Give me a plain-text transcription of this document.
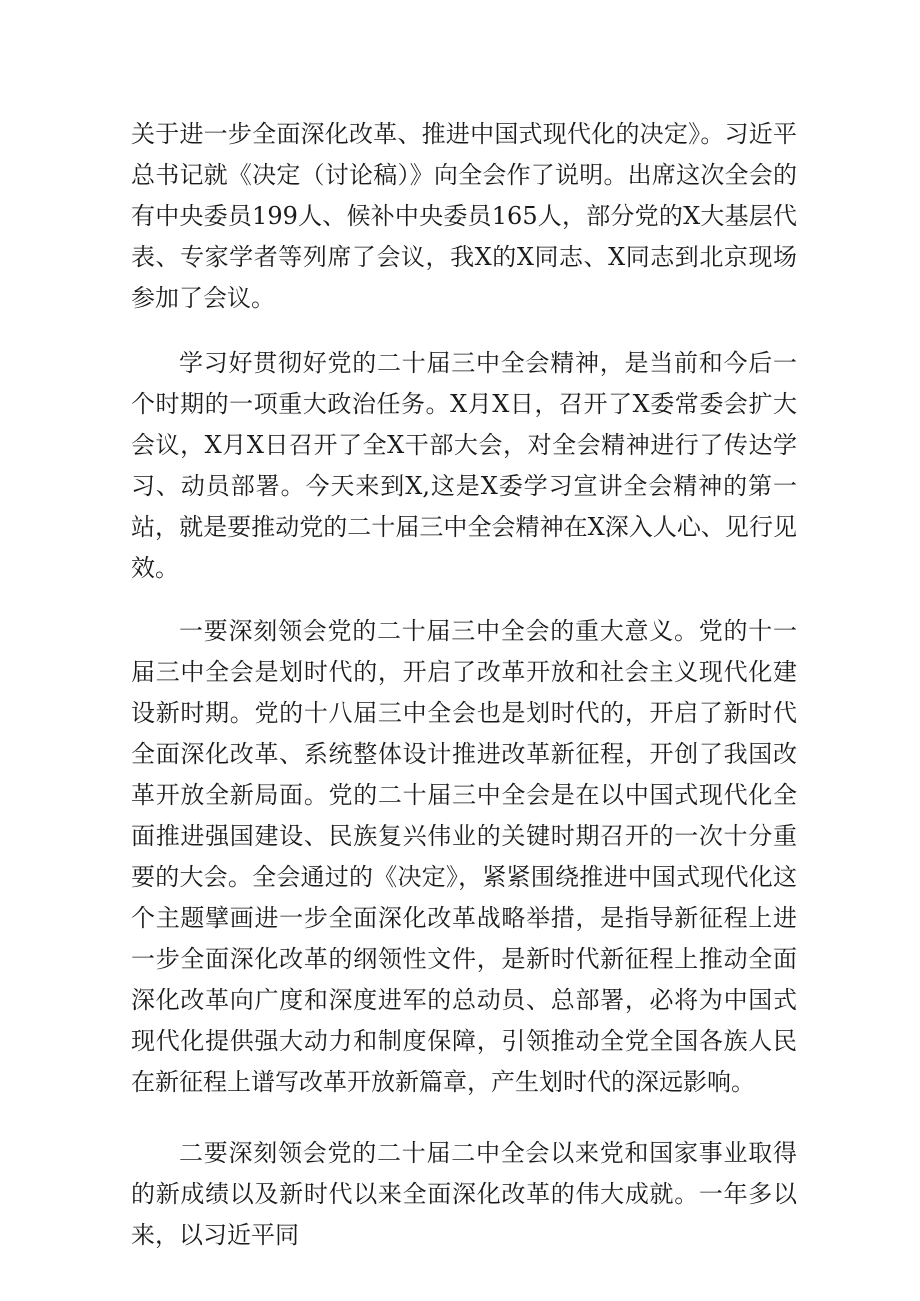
关于进一步全面深化改革、推进中国式现代化的决定》。习近平总书记就《决定（讨论稿）》向全会作了说明。出席这次全会的有中央委员199人、候补中央委员165人，部分党的X大基层代表、专家学者等列席了会议，我X的X同志、X同志到北京现场参加了会议。

学习好贯彻好党的二十届三中全会精神，是当前和今后一个时期的一项重大政治任务。X月X日，召开了X委常委会扩大会议，X月X日召开了全X干部大会，对全会精神进行了传达学习、动员部署。今天来到X,这是X委学习宣讲全会精神的第一站，就是要推动党的二十届三中全会精神在X深入人心、见行见效。

一要深刻领会党的二十届三中全会的重大意义。党的十一届三中全会是划时代的，开启了改革开放和社会主义现代化建设新时期。党的十八届三中全会也是划时代的，开启了新时代全面深化改革、系统整体设计推进改革新征程，开创了我国改革开放全新局面。党的二十届三中全会是在以中国式现代化全面推进强国建设、民族复兴伟业的关键时期召开的一次十分重要的大会。全会通过的《决定》，紧紧围绕推进中国式现代化这个主题擘画进一步全面深化改革战略举措，是指导新征程上进一步全面深化改革的纲领性文件，是新时代新征程上推动全面深化改革向广度和深度进军的总动员、总部署，必将为中国式现代化提供强大动力和制度保障，引领推动全党全国各族人民在新征程上谱写改革开放新篇章，产生划时代的深远影响。

二要深刻领会党的二十届二中全会以来党和国家事业取得的新成绩以及新时代以来全面深化改革的伟大成就。一年多以来，以习近平同
